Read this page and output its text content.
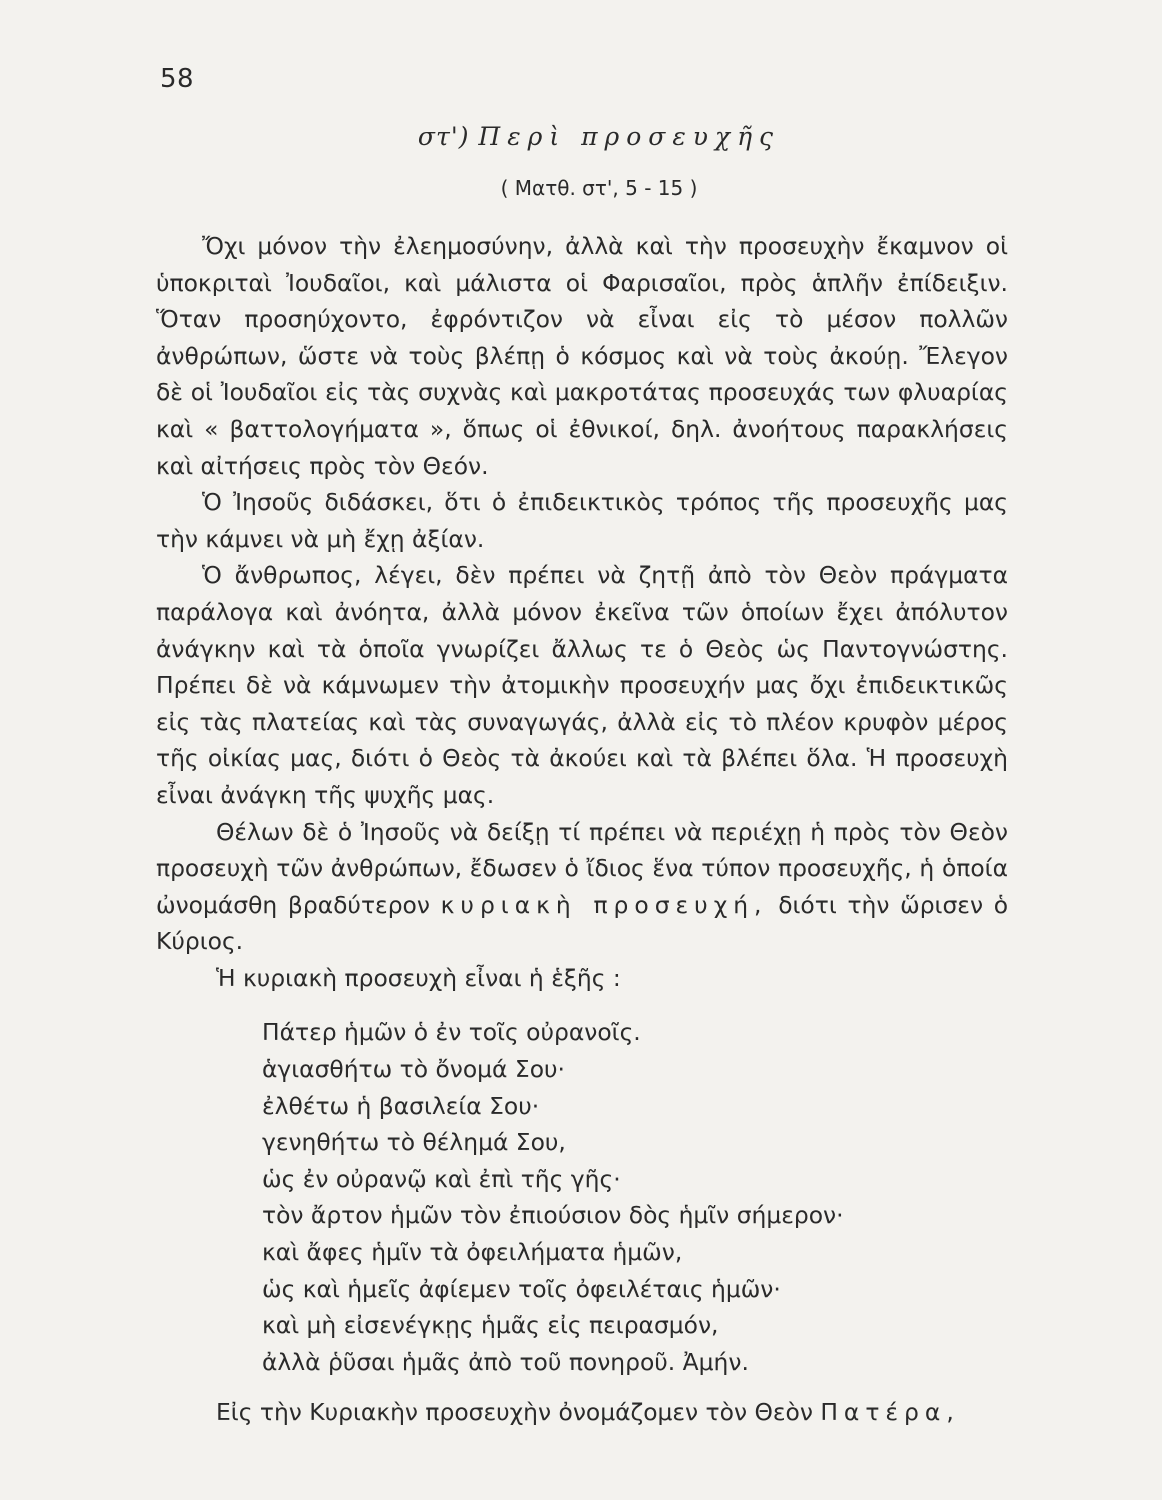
58
στ') Περὶ προσευχῆς
( Ματθ. στ', 5 - 15 )

Ὄχι μόνον τὴν ἐλεημοσύνην, ἀλλὰ καὶ τὴν προσευχὴν ἔκαμνον οἱ ὑποκριταὶ Ἰουδαῖοι, καὶ μάλιστα οἱ Φαρισαῖοι, πρὸς ἁπλῆν ἐπίδειξιν. Ὅταν προσηύχοντο, ἐφρόντιζον νὰ εἶναι εἰς τὸ μέσον πολλῶν ἀνθρώπων, ὥστε νὰ τοὺς βλέπῃ ὁ κόσμος καὶ νὰ τοὺς ἀκούῃ. Ἔλεγον δὲ οἱ Ἰουδαῖοι εἰς τὰς συχνὰς καὶ μακροτάτας προσευχάς των φλυαρίας καὶ « βαττολογήματα », ὅπως οἱ ἐθνικοί, δηλ. ἀνοήτους παρακλήσεις καὶ αἰτήσεις πρὸς τὸν Θεόν.

Ὁ Ἰησοῦς διδάσκει, ὅτι ὁ ἐπιδεικτικὸς τρόπος τῆς προσευχῆς μας τὴν κάμνει νὰ μὴ ἔχῃ ἀξίαν.

Ὁ ἄνθρωπος, λέγει, δὲν πρέπει νὰ ζητῇ ἀπὸ τὸν Θεὸν πράγματα παράλογα καὶ ἀνόητα, ἀλλὰ μόνον ἐκεῖνα τῶν ὁποίων ἔχει ἀπόλυτον ἀνάγκην καὶ τὰ ὁποῖα γνωρίζει ἄλλως τε ὁ Θεὸς ὡς Παντογνώστης. Πρέπει δὲ νὰ κάμνωμεν τὴν ἀτομικὴν προσευχήν μας ὄχι ἐπιδεικτικῶς εἰς τὰς πλατείας καὶ τὰς συναγωγάς, ἀλλὰ εἰς τὸ πλέον κρυφὸν μέρος τῆς οἰκίας μας, διότι ὁ Θεὸς τὰ ἀκούει καὶ τὰ βλέπει ὅλα. Ἡ προσευχὴ εἶναι ἀνάγκη τῆς ψυχῆς μας.

Θέλων δὲ ὁ Ἰησοῦς νὰ δείξῃ τί πρέπει νὰ περιέχῃ ἡ πρὸς τὸν Θεὸν προσευχὴ τῶν ἀνθρώπων, ἔδωσεν ὁ ἴδιος ἕνα τύπον προσευχῆς, ἡ ὁποία ὠνομάσθη βραδύτερον κυριακὴ προσευχή, διότι τὴν ὥρισεν ὁ Κύριος.

Ἡ κυριακὴ προσευχὴ εἶναι ἡ ἑξῆς :

Πάτερ ἡμῶν ὁ ἐν τοῖς οὐρανοῖς.
ἁγιασθήτω τὸ ὄνομά Σου·
ἐλθέτω ἡ βασιλεία Σου·
γενηθήτω τὸ θέλημά Σου,
ὡς ἐν οὐρανῷ καὶ ἐπὶ τῆς γῆς·
τὸν ἄρτον ἡμῶν τὸν ἐπιούσιον δὸς ἡμῖν σήμερον·
καὶ ἄφες ἡμῖν τὰ ὀφειλήματα ἡμῶν,
ὡς καὶ ἡμεῖς ἀφίεμεν τοῖς ὀφειλέταις ἡμῶν·
καὶ μὴ εἰσενέγκῃς ἡμᾶς εἰς πειρασμόν,
ἀλλὰ ῥῦσαι ἡμᾶς ἀπὸ τοῦ πονηροῦ. Ἀμήν.

Εἰς τὴν Κυριακὴν προσευχὴν ὀνομάζομεν τὸν Θεὸν Πατέρα,
